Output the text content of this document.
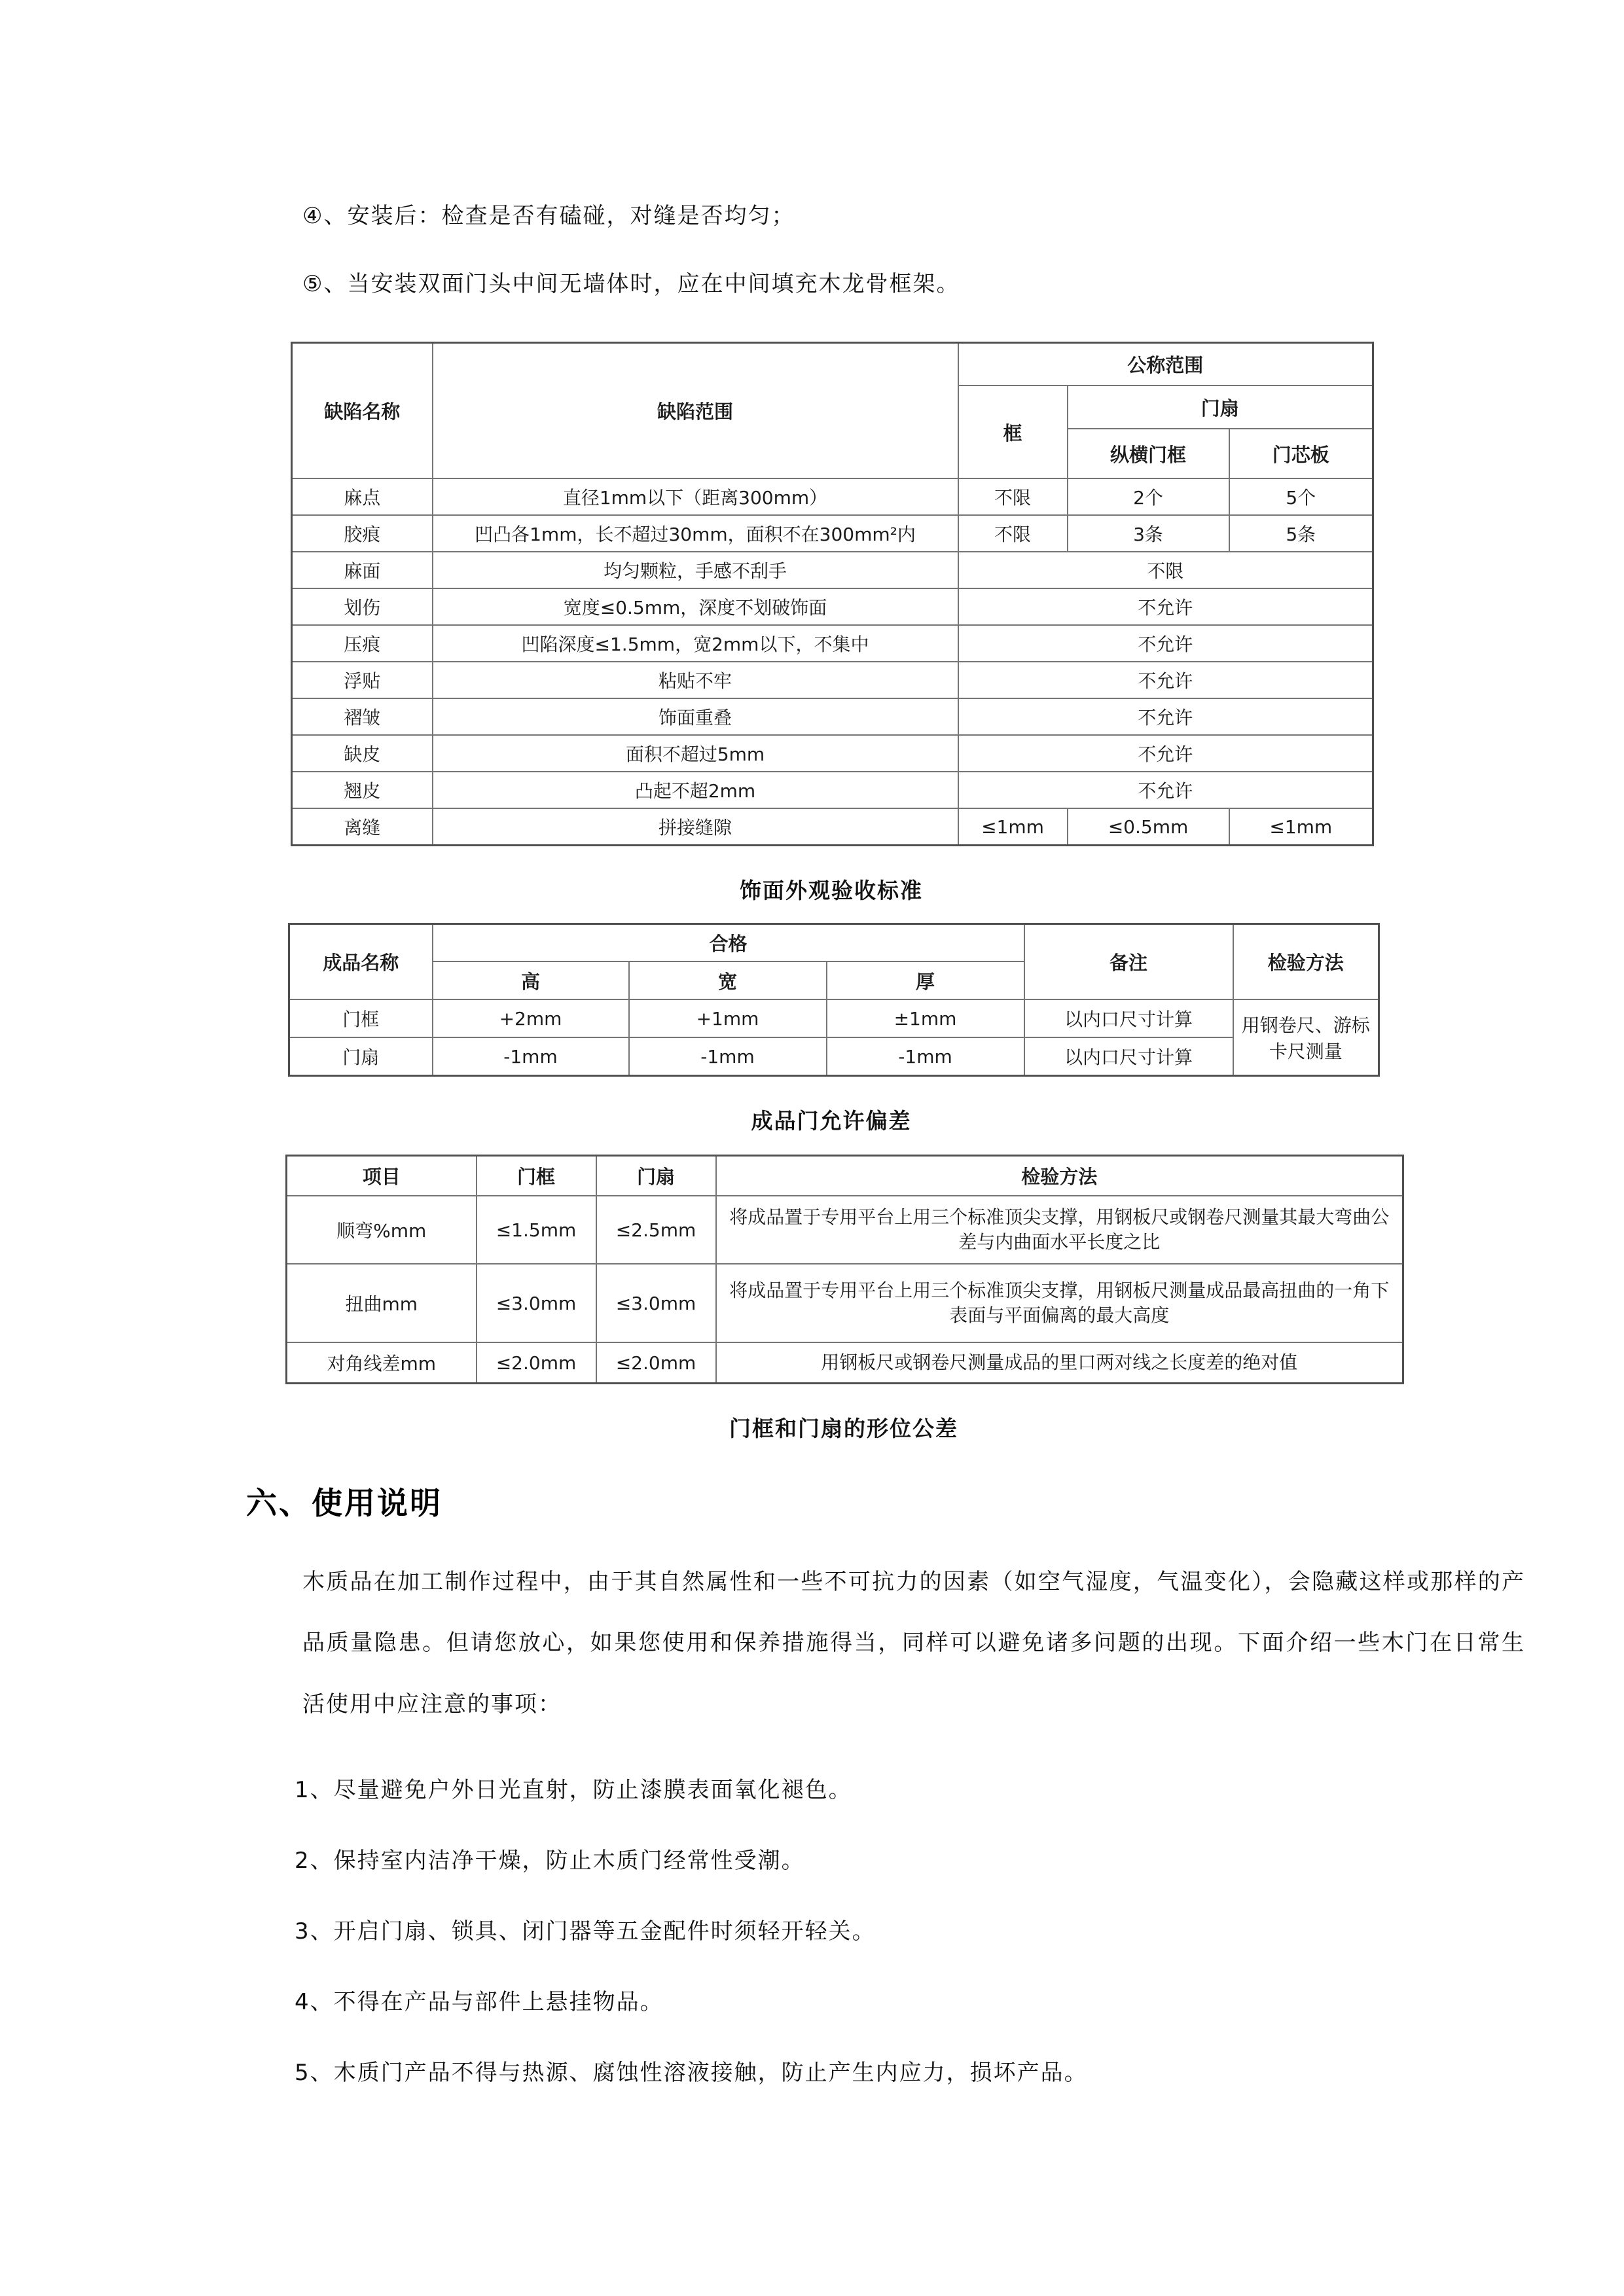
④、安装后：检查是否有磕碰，对缝是否均匀；

⑤、当安装双面门头中间无墙体时，应在中间填充木龙骨框架。

缺陷名称	缺陷范围	公称范围		
		框	门扇	
			纵横门框	门芯板
麻点	直径1mm以下（距离300mm）	不限	2个	5个
胶痕	凹凸各1mm，长不超过30mm，面积不在300mm²内	不限	3条	5条
麻面	均匀颗粒，手感不刮手	不限		
划伤	宽度≤0.5mm，深度不划破饰面	不允许		
压痕	凹陷深度≤1.5mm，宽2mm以下，不集中	不允许		
浮贴	粘贴不牢	不允许		
褶皱	饰面重叠	不允许		
缺皮	面积不超过5mm	不允许		
翘皮	凸起不超2mm	不允许		
离缝	拼接缝隙	≤1mm	≤0.5mm	≤1mm
饰面外观验收标准
成品名称	合格			备注	检验方法
	高	宽	厚		
门框	+2mm	+1mm	±1mm	以内口尺寸计算	用钢卷尺、游标卡尺测量
门扇	-1mm	-1mm	-1mm	以内口尺寸计算	
成品门允许偏差
项目	门框	门扇	检验方法
顺弯%mm	≤1.5mm	≤2.5mm	将成品置于专用平台上用三个标准顶尖支撑，用钢板尺或钢卷尺测量其最大弯曲公差与内曲面水平长度之比
扭曲mm	≤3.0mm	≤3.0mm	将成品置于专用平台上用三个标准顶尖支撑，用钢板尺测量成品最高扭曲的一角下表面与平面偏离的最大高度
对角线差mm	≤2.0mm	≤2.0mm	用钢板尺或钢卷尺测量成品的里口两对线之长度差的绝对值
门框和门扇的形位公差
六、使用说明

木质品在加工制作过程中，由于其自然属性和一些不可抗力的因素（如空气湿度，气温变化），会隐藏这样或那样的产品质量隐患。但请您放心，如果您使用和保养措施得当，同样可以避免诸多问题的出现。下面介绍一些木门在日常生活使用中应注意的事项：

1、尽量避免户外日光直射，防止漆膜表面氧化褪色。

2、保持室内洁净干燥，防止木质门经常性受潮。

3、开启门扇、锁具、闭门器等五金配件时须轻开轻关。

4、不得在产品与部件上悬挂物品。

5、木质门产品不得与热源、腐蚀性溶液接触，防止产生内应力，损坏产品。
